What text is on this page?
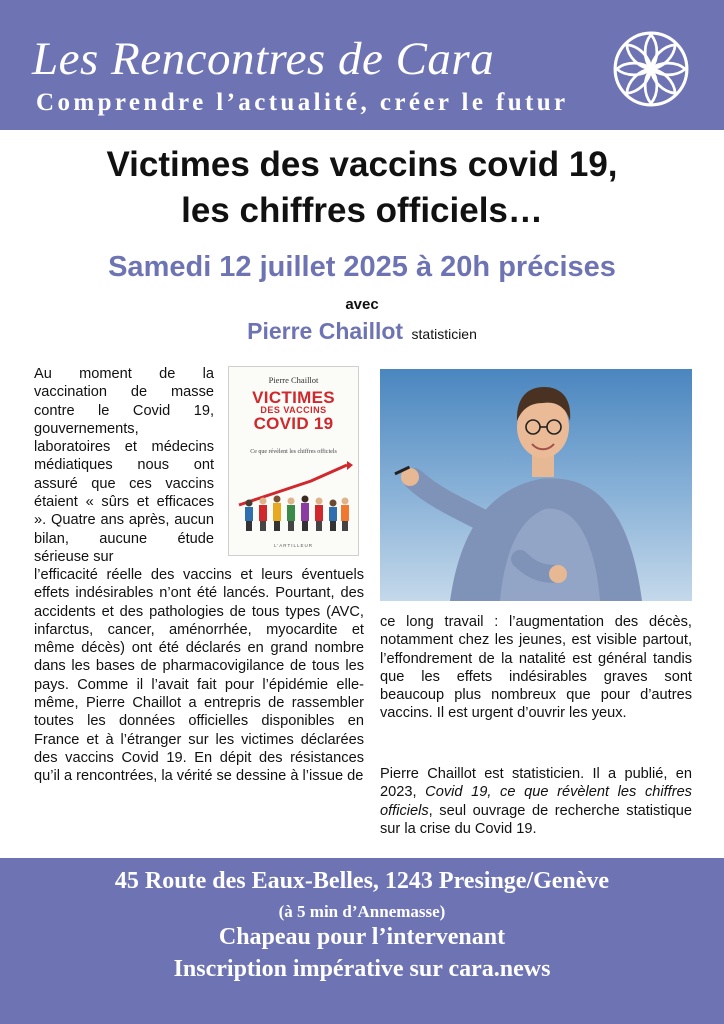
Les Rencontres de Cara
Comprendre l’actualité, créer le futur
Victimes des vaccins covid 19,
les chiffres officiels…
Samedi 12 juillet 2025 à 20h précises
avec
Pierre Chaillot statisticien
Au moment de la vaccination de masse contre le Covid 19, gouvernements, laboratoires et médecins médiatiques nous ont assuré que ces vaccins étaient « sûrs et efficaces ». Quatre ans après, aucun bilan, aucune étude sérieuse sur
Pierre Chaillot
VICTIMES
DES VACCINS
COVID 19
Ce que révèlent les chiffres officiels
L’ARTILLEUR
l’efficacité réelle des vaccins et leurs éventuels effets indésirables n’ont été lancés. Pourtant, des accidents et des pathologies de tous types (AVC, infarctus, cancer, aménorrhée, myocardite et même décès) ont été déclarés en grand nombre dans les bases de pharmacovigilance de tous les pays. Comme il l’avait fait pour l’épidémie elle-même, Pierre Chaillot a entrepris de rassembler toutes les données officielles disponibles en France et à l’étranger sur les victimes déclarées des vaccins Covid 19. En dépit des résistances qu’il a rencontrées, la vérité se dessine à l’issue de
ce long travail : l’augmentation des décès, notamment chez les jeunes, est visible partout, l’effondrement de la natalité est général tandis que les effets indésirables graves sont beaucoup plus nombreux que pour d’autres vaccins. Il est urgent d’ouvrir les yeux.
Pierre Chaillot est statisticien. Il a publié, en 2023, Covid 19, ce que révèlent les chiffres officiels, seul ouvrage de recherche statistique sur la crise du Covid 19.
45 Route des Eaux-Belles, 1243 Presinge/Genève
(à 5 min d’Annemasse)
Chapeau pour l’intervenant
Inscription impérative sur cara.news
